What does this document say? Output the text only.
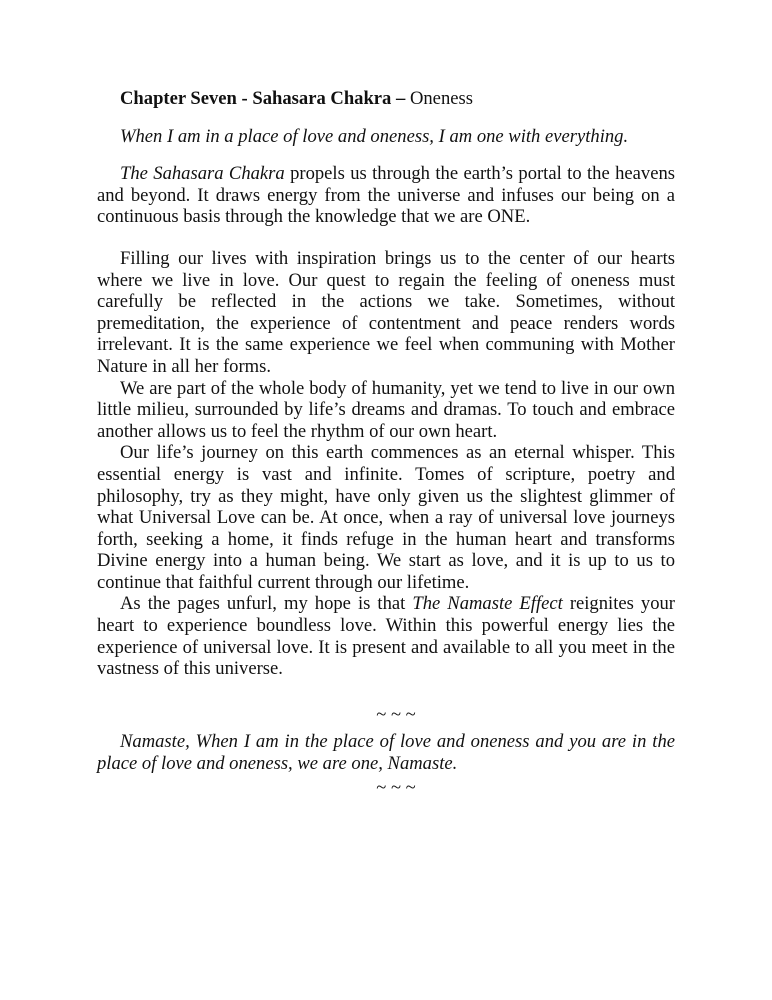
Chapter Seven - Sahasara Chakra – Oneness
When I am in a place of love and oneness, I am one with everything.

The Sahasara Chakra propels us through the earth’s portal to the heavens and beyond. It draws energy from the universe and infuses our being on a continuous basis through the knowledge that we are ONE.

Filling our lives with inspiration brings us to the center of our hearts where we live in love. Our quest to regain the feeling of oneness must carefully be reflected in the actions we take. Sometimes, without premeditation, the experience of contentment and peace renders words irrelevant. It is the same experience we feel when communing with Mother Nature in all her forms.

We are part of the whole body of humanity, yet we tend to live in our own little milieu, surrounded by life’s dreams and dramas. To touch and embrace another allows us to feel the rhythm of our own heart.

Our life’s journey on this earth commences as an eternal whisper. This essential energy is vast and infinite. Tomes of scripture, poetry and philosophy, try as they might, have only given us the slightest glimmer of what Universal Love can be. At once, when a ray of universal love journeys forth, seeking a home, it finds refuge in the human heart and transforms Divine energy into a human being. We start as love, and it is up to us to continue that faithful current through our lifetime.

As the pages unfurl, my hope is that The Namaste Effect reignites your heart to experience boundless love. Within this powerful energy lies the experience of universal love. It is present and available to all you meet in the vastness of this universe.

~ ~ ~

Namaste, When I am in the place of love and oneness and you are in the place of love and oneness, we are one, Namaste.

~ ~ ~
